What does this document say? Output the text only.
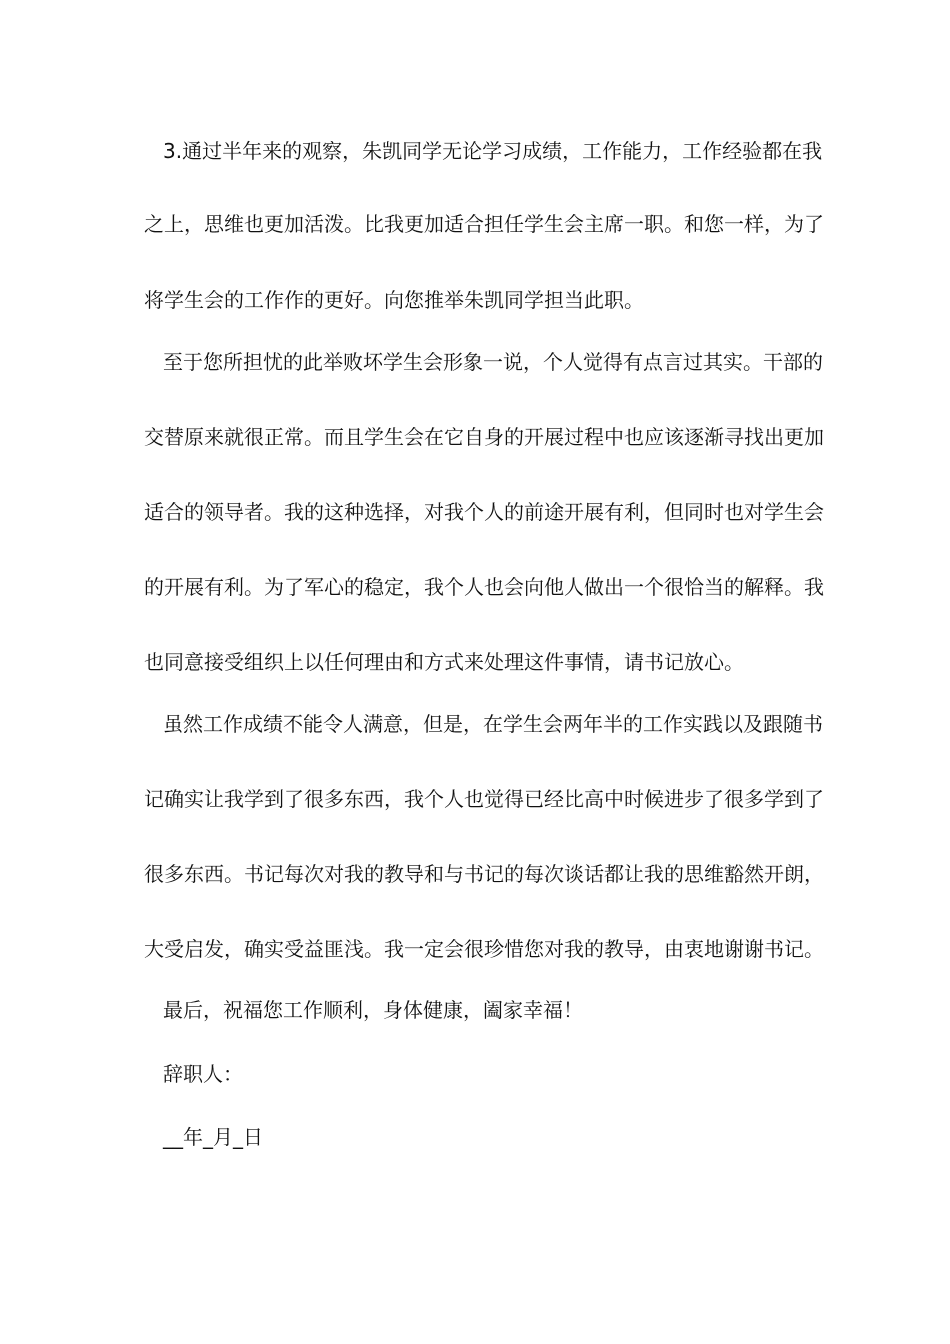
3.通过半年来的观察，朱凯同学无论学习成绩，工作能力，工作经验都在我
之上，思维也更加活泼。比我更加适合担任学生会主席一职。和您一样，为了
将学生会的工作作的更好。向您推举朱凯同学担当此职。
至于您所担忧的此举败坏学生会形象一说，个人觉得有点言过其实。干部的
交替原来就很正常。而且学生会在它自身的开展过程中也应该逐渐寻找出更加
适合的领导者。我的这种选择，对我个人的前途开展有利，但同时也对学生会
的开展有利。为了军心的稳定，我个人也会向他人做出一个很恰当的解释。我
也同意接受组织上以任何理由和方式来处理这件事情，请书记放心。
虽然工作成绩不能令人满意，但是，在学生会两年半的工作实践以及跟随书
记确实让我学到了很多东西，我个人也觉得已经比高中时候进步了很多学到了
很多东西。书记每次对我的教导和与书记的每次谈话都让我的思维豁然开朗，
大受启发，确实受益匪浅。我一定会很珍惜您对我的教导，由衷地谢谢书记。
最后，祝福您工作顺利，身体健康，阖家幸福！
辞职人：
__年_月_日
